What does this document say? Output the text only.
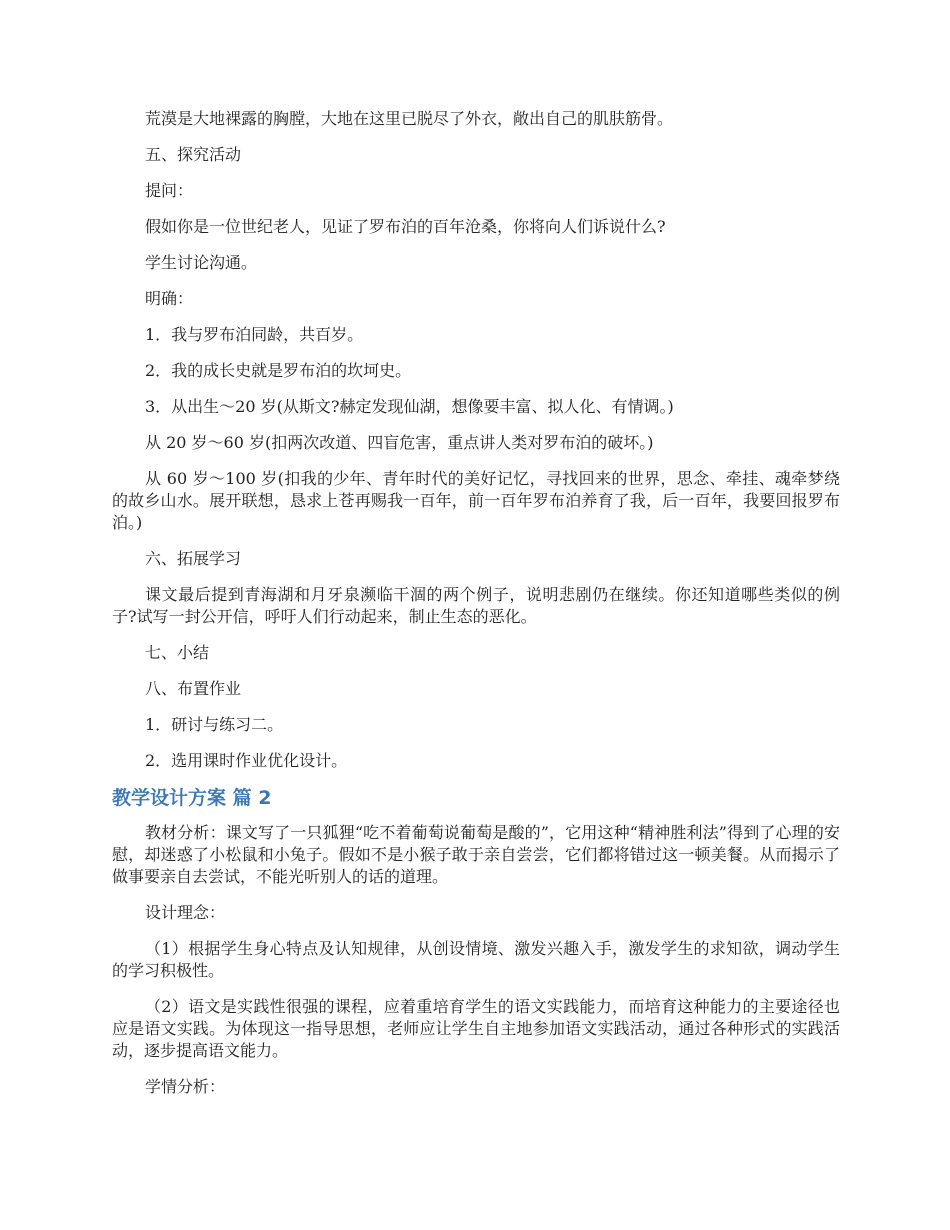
荒漠是大地裸露的胸膛，大地在这里已脱尽了外衣，敞出自己的肌肤筋骨。

五、探究活动

提问：

假如你是一位世纪老人，见证了罗布泊的百年沧桑，你将向人们诉说什么?

学生讨论沟通。

明确：

1．我与罗布泊同龄，共百岁。

2．我的成长史就是罗布泊的坎坷史。

3．从出生～20 岁(从斯文?赫定发现仙湖，想像要丰富、拟人化、有情调。)

从 20 岁～60 岁(扣两次改道、四盲危害，重点讲人类对罗布泊的破坏。)

从 60 岁～100 岁(扣我的少年、青年时代的美好记忆，寻找回来的世界，思念、牵挂、魂牵梦绕的故乡山水。展开联想，恳求上苍再赐我一百年，前一百年罗布泊养育了我，后一百年，我要回报罗布泊。)

六、拓展学习

课文最后提到青海湖和月牙泉濒临干涸的两个例子，说明悲剧仍在继续。你还知道哪些类似的例子?试写一封公开信，呼吁人们行动起来，制止生态的恶化。

七、小结

八、布置作业

1．研讨与练习二。

2．选用课时作业优化设计。

教学设计方案 篇 2

教材分析：课文写了一只狐狸“吃不着葡萄说葡萄是酸的”，它用这种“精神胜利法”得到了心理的安慰，却迷惑了小松鼠和小兔子。假如不是小猴子敢于亲自尝尝，它们都将错过这一顿美餐。从而揭示了做事要亲自去尝试，不能光听别人的话的道理。

设计理念：

（1）根据学生身心特点及认知规律，从创设情境、激发兴趣入手，激发学生的求知欲，调动学生的学习积极性。

（2）语文是实践性很强的课程，应着重培育学生的语文实践能力，而培育这种能力的主要途径也应是语文实践。为体现这一指导思想，老师应让学生自主地参加语文实践活动，通过各种形式的实践活动，逐步提高语文能力。

学情分析：
